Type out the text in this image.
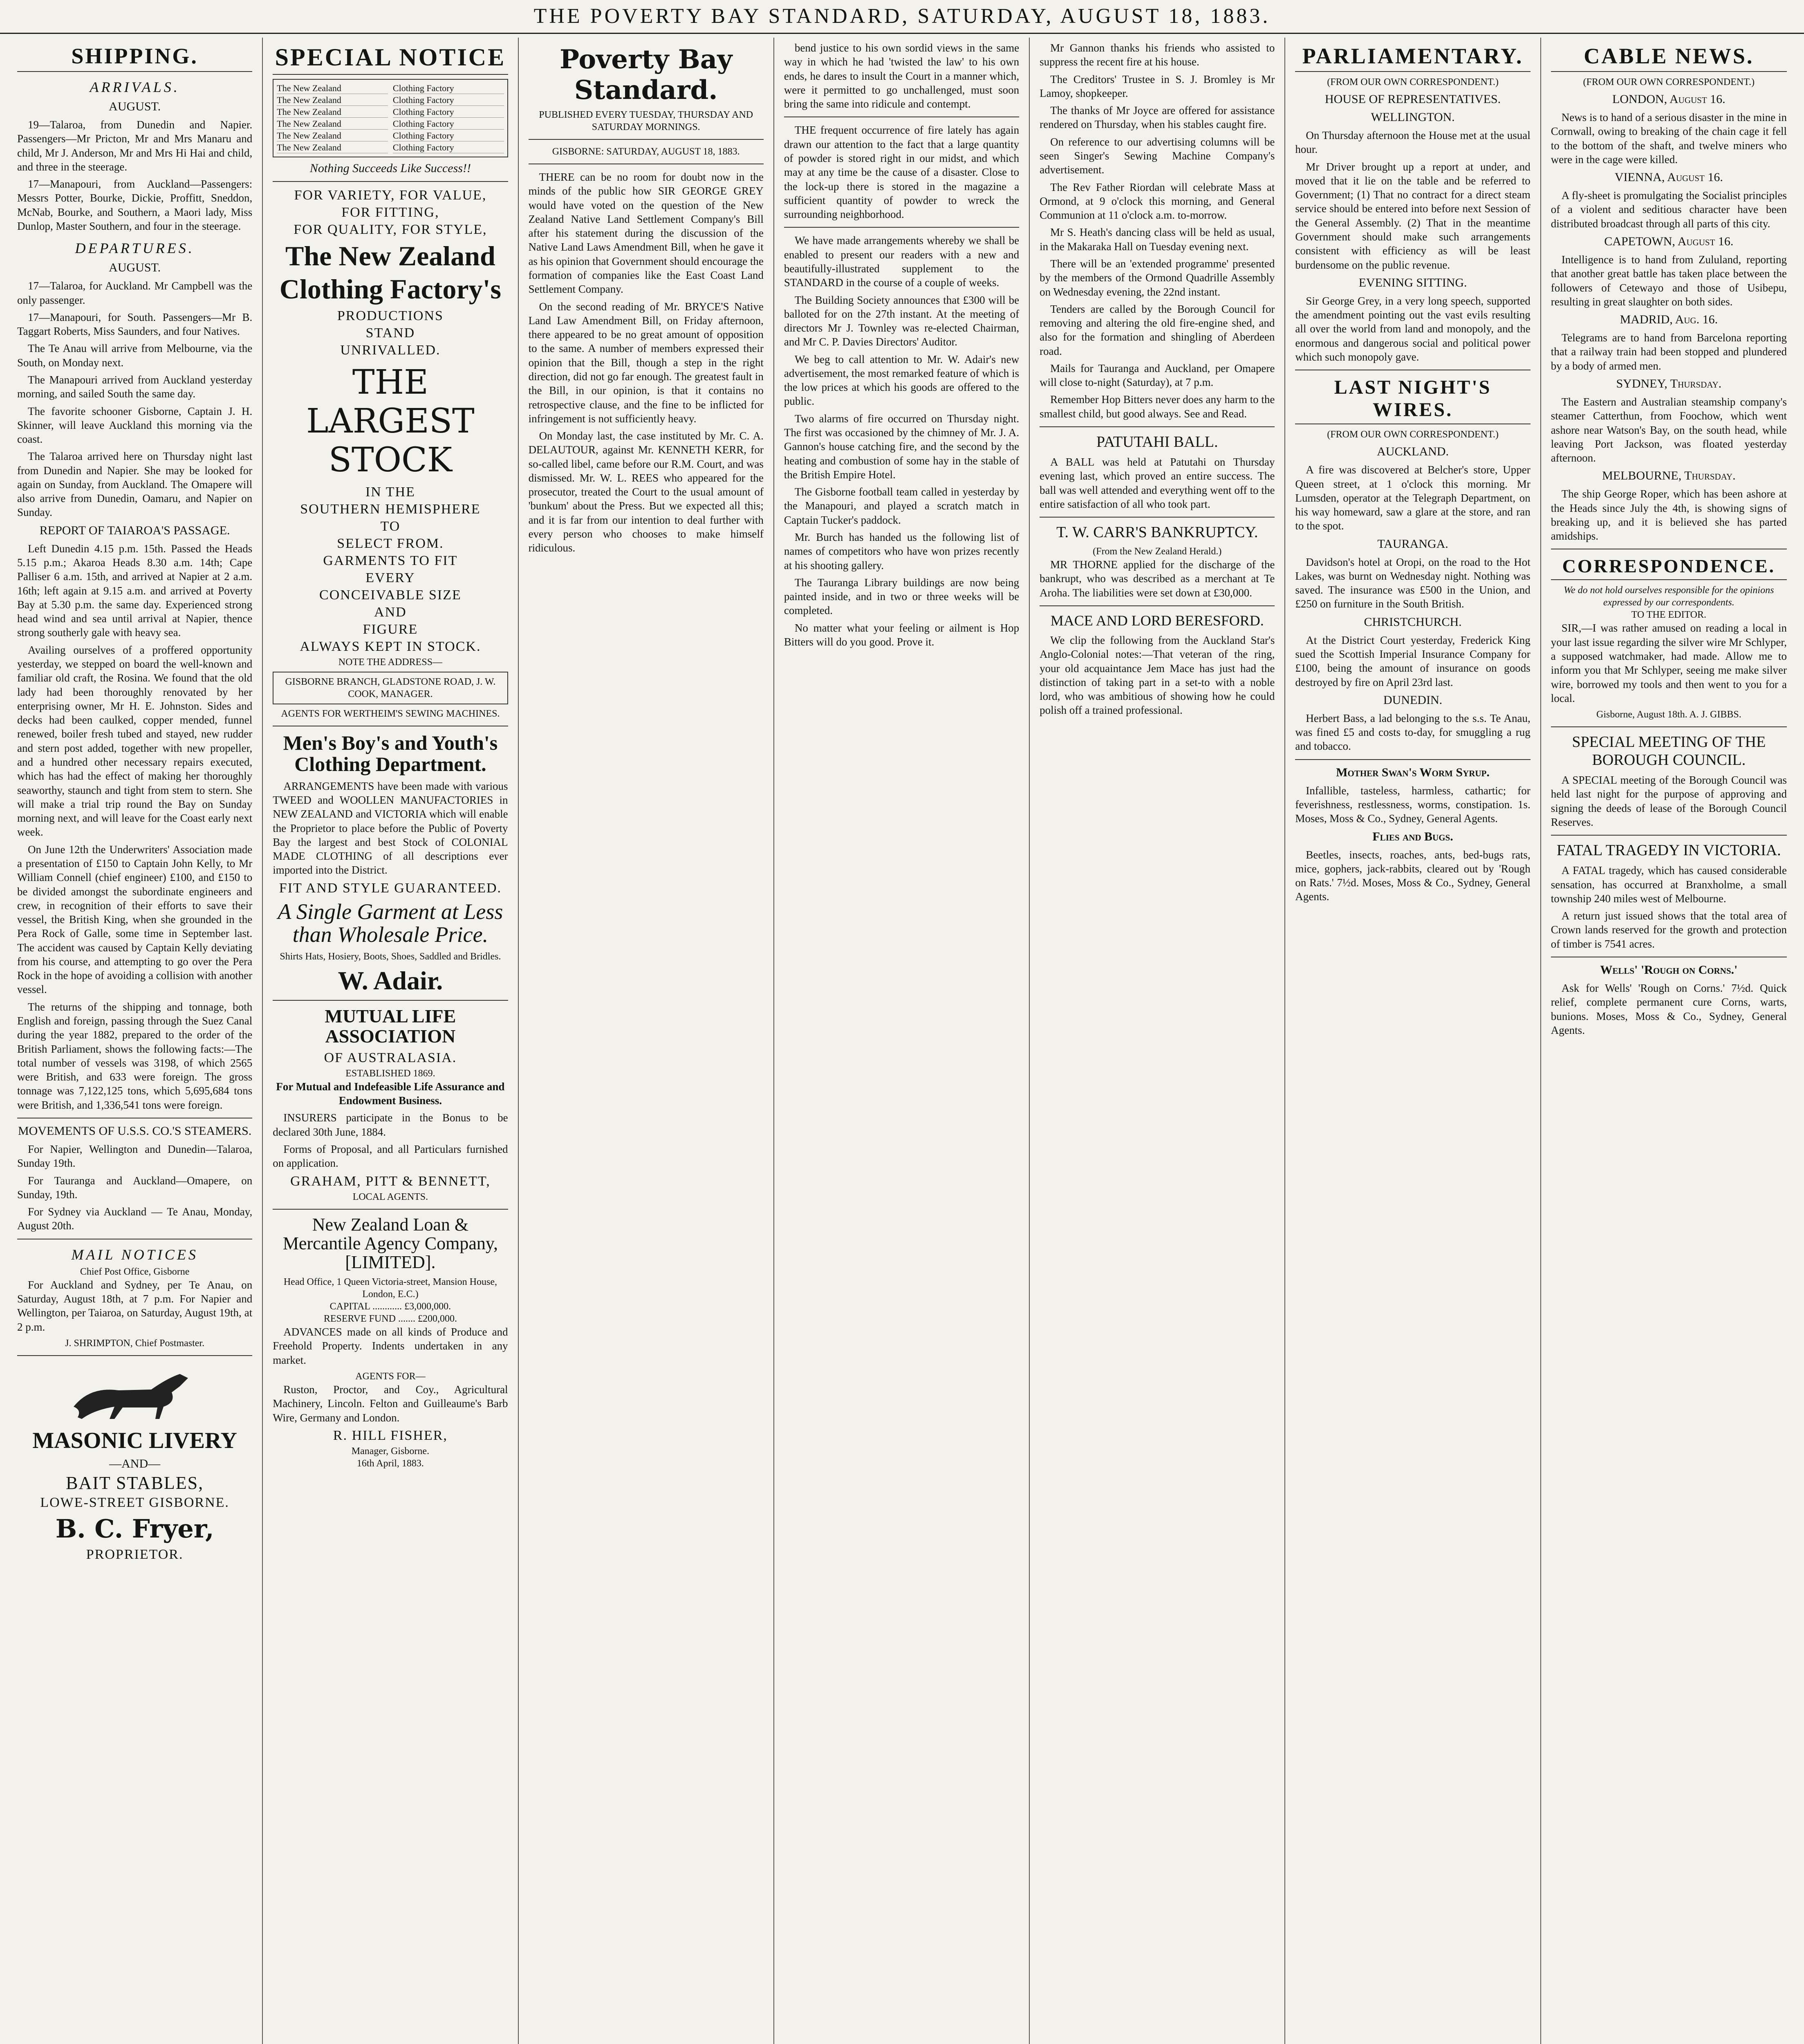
THE POVERTY BAY STANDARD, SATURDAY, AUGUST 18, 1883.
SHIPPING.
ARRIVALS.
AUGUST.

19—Talaroa, from Dunedin and Napier. Passengers—Mr Pricton, Mr and Mrs Manaru and child, Mr J. Anderson, Mr and Mrs Hi Hai and child, and three in the steerage.

17—Manapouri, from Auckland—Passengers: Messrs Potter, Bourke, Dickie, Proffitt, Sneddon, McNab, Bourke, and Southern, a Maori lady, Miss Dunlop, Master Southern, and four in the steerage.

DEPARTURES.
AUGUST.

17—Talaroa, for Auckland. Mr Campbell was the only passenger.

17—Manapouri, for South. Passengers—Mr B. Taggart Roberts, Miss Saunders, and four Natives.

The Te Anau will arrive from Melbourne, via the South, on Monday next.

The Manapouri arrived from Auckland yesterday morning, and sailed South the same day.

The favorite schooner Gisborne, Captain J. H. Skinner, will leave Auckland this morning via the coast.

The Talaroa arrived here on Thursday night last from Dunedin and Napier. She may be looked for again on Sunday, from Auckland. The Omapere will also arrive from Dunedin, Oamaru, and Napier on Sunday.

REPORT OF TAIAROA'S PASSAGE.

Left Dunedin 4.15 p.m. 15th. Passed the Heads 5.15 p.m.; Akaroa Heads 8.30 a.m. 14th; Cape Palliser 6 a.m. 15th, and arrived at Napier at 2 a.m. 16th; left again at 9.15 a.m. and arrived at Poverty Bay at 5.30 p.m. the same day. Experienced strong head wind and sea until arrival at Napier, thence strong southerly gale with heavy sea.

Availing ourselves of a proffered opportunity yesterday, we stepped on board the well-known and familiar old craft, the Rosina. We found that the old lady had been thoroughly renovated by her enterprising owner, Mr H. E. Johnston. Sides and decks had been caulked, copper mended, funnel renewed, boiler fresh tubed and stayed, new rudder and stern post added, together with new propeller, and a hundred other necessary repairs executed, which has had the effect of making her thoroughly seaworthy, staunch and tight from stem to stern. She will make a trial trip round the Bay on Sunday morning next, and will leave for the Coast early next week.

On June 12th the Underwriters' Association made a presentation of £150 to Captain John Kelly, to Mr William Connell (chief engineer) £100, and £150 to be divided amongst the subordinate engineers and crew, in recognition of their efforts to save their vessel, the British King, when she grounded in the Pera Rock of Galle, some time in September last. The accident was caused by Captain Kelly deviating from his course, and attempting to go over the Pera Rock in the hope of avoiding a collision with another vessel.

The returns of the shipping and tonnage, both English and foreign, passing through the Suez Canal during the year 1882, prepared to the order of the British Parliament, shows the following facts:—The total number of vessels was 3198, of which 2565 were British, and 633 were foreign. The gross tonnage was 7,122,125 tons, which 5,695,684 tons were British, and 1,336,541 tons were foreign.

MOVEMENTS OF U.S.S. CO.'S STEAMERS.

For Napier, Wellington and Dunedin—Talaroa, Sunday 19th.

For Tauranga and Auckland—Omapere, on Sunday, 19th.

For Sydney via Auckland — Te Anau, Monday, August 20th.

MAIL NOTICES
Chief Post Office, Gisborne

For Auckland and Sydney, per Te Anau, on Saturday, August 18th, at 7 p.m. For Napier and Wellington, per Taiaroa, on Saturday, August 19th, at 2 p.m.

J. SHRIMPTON, Chief Postmaster.
MASONIC LIVERY
—AND—
BAIT STABLES,
LOWE-STREET GISBORNE.
B. C. Fryer,
PROPRIETOR.
SPECIAL NOTICE
The New Zealand	Clothing Factory
The New Zealand	Clothing Factory
The New Zealand	Clothing Factory
The New Zealand	Clothing Factory
The New Zealand	Clothing Factory
The New Zealand	Clothing Factory
Nothing Succeeds Like Success!!
FOR VARIETY, FOR VALUE,
FOR FITTING,
FOR QUALITY, FOR STYLE,
The New Zealand
Clothing Factory's
PRODUCTIONS
STAND
UNRIVALLED.
THE LARGEST STOCK
IN THE
SOUTHERN HEMISPHERE
TO
SELECT FROM.
GARMENTS TO FIT
EVERY
CONCEIVABLE SIZE
AND
FIGURE
ALWAYS KEPT IN STOCK.
NOTE THE ADDRESS—
GISBORNE BRANCH, GLADSTONE ROAD, J. W. COOK, MANAGER.
AGENTS FOR WERTHEIM'S SEWING MACHINES.
Men's Boy's and Youth's Clothing Department.

ARRANGEMENTS have been made with various TWEED and WOOLLEN MANUFACTORIES in NEW ZEALAND and VICTORIA which will enable the Proprietor to place before the Public of Poverty Bay the largest and best Stock of COLONIAL MADE CLOTHING of all descriptions ever imported into the District.

FIT AND STYLE GUARANTEED.
A Single Garment at Less than Wholesale Price.
Shirts Hats, Hosiery, Boots, Shoes, Saddled and Bridles.
W. Adair.
MUTUAL LIFE ASSOCIATION
OF AUSTRALASIA.
ESTABLISHED 1869.

For Mutual and Indefeasible Life Assurance and Endowment Business.

INSURERS participate in the Bonus to be declared 30th June, 1884.

Forms of Proposal, and all Particulars furnished on application.

GRAHAM, PITT & BENNETT,
LOCAL AGENTS.
New Zealand Loan & Mercantile Agency Company, [LIMITED].
Head Office, 1 Queen Victoria-street, Mansion House, London, E.C.)
CAPITAL ............ £3,000,000.
RESERVE FUND ....... £200,000.

ADVANCES made on all kinds of Produce and Freehold Property. Indents undertaken in any market.

AGENTS FOR—

Ruston, Proctor, and Coy., Agricultural Machinery, Lincoln. Felton and Guilleaume's Barb Wire, Germany and London.

R. HILL FISHER,
Manager, Gisborne.
16th April, 1883.
Poverty Bay Standard.
PUBLISHED EVERY TUESDAY, THURSDAY AND SATURDAY MORNINGS.
GISBORNE: SATURDAY, AUGUST 18, 1883.

THERE can be no room for doubt now in the minds of the public how SIR GEORGE GREY would have voted on the question of the New Zealand Native Land Settlement Company's Bill after his statement during the discussion of the Native Land Laws Amendment Bill, when he gave it as his opinion that Government should encourage the formation of companies like the East Coast Land Settlement Company.

On the second reading of Mr. BRYCE'S Native Land Law Amendment Bill, on Friday afternoon, there appeared to be no great amount of opposition to the same. A number of members expressed their opinion that the Bill, though a step in the right direction, did not go far enough. The greatest fault in the Bill, in our opinion, is that it contains no retrospective clause, and the fine to be inflicted for infringement is not sufficiently heavy.

On Monday last, the case instituted by Mr. C. A. DELAUTOUR, against Mr. KENNETH KERR, for so-called libel, came before our R.M. Court, and was dismissed. Mr. W. L. REES who appeared for the prosecutor, treated the Court to the usual amount of 'bunkum' about the Press. But we expected all this; and it is far from our intention to deal further with every person who chooses to make himself ridiculous.

bend justice to his own sordid views in the same way in which he had 'twisted the law' to his own ends, he dares to insult the Court in a manner which, were it permitted to go unchallenged, must soon bring the same into ridicule and contempt.

THE frequent occurrence of fire lately has again drawn our attention to the fact that a large quantity of powder is stored right in our midst, and which may at any time be the cause of a disaster. Close to the lock-up there is stored in the magazine a sufficient quantity of powder to wreck the surrounding neighborhood.

We have made arrangements whereby we shall be enabled to present our readers with a new and beautifully-illustrated supplement to the STANDARD in the course of a couple of weeks.

The Building Society announces that £300 will be balloted for on the 27th instant. At the meeting of directors Mr J. Townley was re-elected Chairman, and Mr C. P. Davies Directors' Auditor.

We beg to call attention to Mr. W. Adair's new advertisement, the most remarked feature of which is the low prices at which his goods are offered to the public.

Two alarms of fire occurred on Thursday night. The first was occasioned by the chimney of Mr. J. A. Gannon's house catching fire, and the second by the heating and combustion of some hay in the stable of the British Empire Hotel.

The Gisborne football team called in yesterday by the Manapouri, and played a scratch match in Captain Tucker's paddock.

Mr. Burch has handed us the following list of names of competitors who have won prizes recently at his shooting gallery.

The Tauranga Library buildings are now being painted inside, and in two or three weeks will be completed.

No matter what your feeling or ailment is Hop Bitters will do you good. Prove it.

Mr Gannon thanks his friends who assisted to suppress the recent fire at his house.

The Creditors' Trustee in S. J. Bromley is Mr Lamoy, shopkeeper.

The thanks of Mr Joyce are offered for assistance rendered on Thursday, when his stables caught fire.

On reference to our advertising columns will be seen Singer's Sewing Machine Company's advertisement.

The Rev Father Riordan will celebrate Mass at Ormond, at 9 o'clock this morning, and General Communion at 11 o'clock a.m. to-morrow.

Mr S. Heath's dancing class will be held as usual, in the Makaraka Hall on Tuesday evening next.

There will be an 'extended programme' presented by the members of the Ormond Quadrille Assembly on Wednesday evening, the 22nd instant.

Tenders are called by the Borough Council for removing and altering the old fire-engine shed, and also for the formation and shingling of Aberdeen road.

Mails for Tauranga and Auckland, per Omapere will close to-night (Saturday), at 7 p.m.

Remember Hop Bitters never does any harm to the smallest child, but good always. See and Read.

PATUTAHI BALL.

A BALL was held at Patutahi on Thursday evening last, which proved an entire success. The ball was well attended and everything went off to the entire satisfaction of all who took part.

T. W. CARR'S BANKRUPTCY.
(From the New Zealand Herald.)

MR THORNE applied for the discharge of the bankrupt, who was described as a merchant at Te Aroha. The liabilities were set down at £30,000.

MACE AND LORD BERESFORD.

We clip the following from the Auckland Star's Anglo-Colonial notes:—That veteran of the ring, your old acquaintance Jem Mace has just had the distinction of taking part in a set-to with a noble lord, who was ambitious of showing how he could polish off a trained professional.

PARLIAMENTARY.
(FROM OUR OWN CORRESPONDENT.)
HOUSE OF REPRESENTATIVES.
WELLINGTON.

On Thursday afternoon the House met at the usual hour.

Mr Driver brought up a report at under, and moved that it lie on the table and be referred to Government; (1) That no contract for a direct steam service should be entered into before next Session of the General Assembly. (2) That in the meantime Government should make such arrangements consistent with efficiency as will be least burdensome on the public revenue.

EVENING SITTING.

Sir George Grey, in a very long speech, supported the amendment pointing out the vast evils resulting all over the world from land and monopoly, and the enormous and dangerous social and political power which such monopoly gave.

LAST NIGHT'S WIRES.
(FROM OUR OWN CORRESPONDENT.)
AUCKLAND.

A fire was discovered at Belcher's store, Upper Queen street, at 1 o'clock this morning. Mr Lumsden, operator at the Telegraph Department, on his way homeward, saw a glare at the store, and ran to the spot.

TAURANGA.

Davidson's hotel at Oropi, on the road to the Hot Lakes, was burnt on Wednesday night. Nothing was saved. The insurance was £500 in the Union, and £250 on furniture in the South British.

CHRISTCHURCH.

At the District Court yesterday, Frederick King sued the Scottish Imperial Insurance Company for £100, being the amount of insurance on goods destroyed by fire on April 23rd last.

DUNEDIN.

Herbert Bass, a lad belonging to the s.s. Te Anau, was fined £5 and costs to-day, for smuggling a rug and tobacco.

Mother Swan's Worm Syrup.

Infallible, tasteless, harmless, cathartic; for feverishness, restlessness, worms, constipation. 1s. Moses, Moss & Co., Sydney, General Agents.

Flies and Bugs.

Beetles, insects, roaches, ants, bed-bugs rats, mice, gophers, jack-rabbits, cleared out by 'Rough on Rats.' 7½d. Moses, Moss & Co., Sydney, General Agents.

CABLE NEWS.
(FROM OUR OWN CORRESPONDENT.)
LONDON, August 16.

News is to hand of a serious disaster in the mine in Cornwall, owing to breaking of the chain cage it fell to the bottom of the shaft, and twelve miners who were in the cage were killed.

VIENNA, August 16.

A fly-sheet is promulgating the Socialist principles of a violent and seditious character have been distributed broadcast through all parts of this city.

CAPETOWN, August 16.

Intelligence is to hand from Zululand, reporting that another great battle has taken place between the followers of Cetewayo and those of Usibepu, resulting in great slaughter on both sides.

MADRID, Aug. 16.

Telegrams are to hand from Barcelona reporting that a railway train had been stopped and plundered by a body of armed men.

SYDNEY, Thursday.

The Eastern and Australian steamship company's steamer Catterthun, from Foochow, which went ashore near Watson's Bay, on the south head, while leaving Port Jackson, was floated yesterday afternoon.

MELBOURNE, Thursday.

The ship George Roper, which has been ashore at the Heads since July the 4th, is showing signs of breaking up, and it is believed she has parted amidships.

CORRESPONDENCE.
We do not hold ourselves responsible for the opinions expressed by our correspondents.
TO THE EDITOR.

SIR,—I was rather amused on reading a local in your last issue regarding the silver wire Mr Schlyper, a supposed watchmaker, had made. Allow me to inform you that Mr Schlyper, seeing me make silver wire, borrowed my tools and then went to you for a local.

Gisborne, August 18th. A. J. GIBBS.
SPECIAL MEETING OF THE BOROUGH COUNCIL.

A SPECIAL meeting of the Borough Council was held last night for the purpose of approving and signing the deeds of lease of the Borough Council Reserves.

FATAL TRAGEDY IN VICTORIA.

A FATAL tragedy, which has caused considerable sensation, has occurred at Branxholme, a small township 240 miles west of Melbourne.

A return just issued shows that the total area of Crown lands reserved for the growth and protection of timber is 7541 acres.

Wells' 'Rough on Corns.'

Ask for Wells' 'Rough on Corns.' 7½d. Quick relief, complete permanent cure Corns, warts, bunions. Moses, Moss & Co., Sydney, General Agents.
